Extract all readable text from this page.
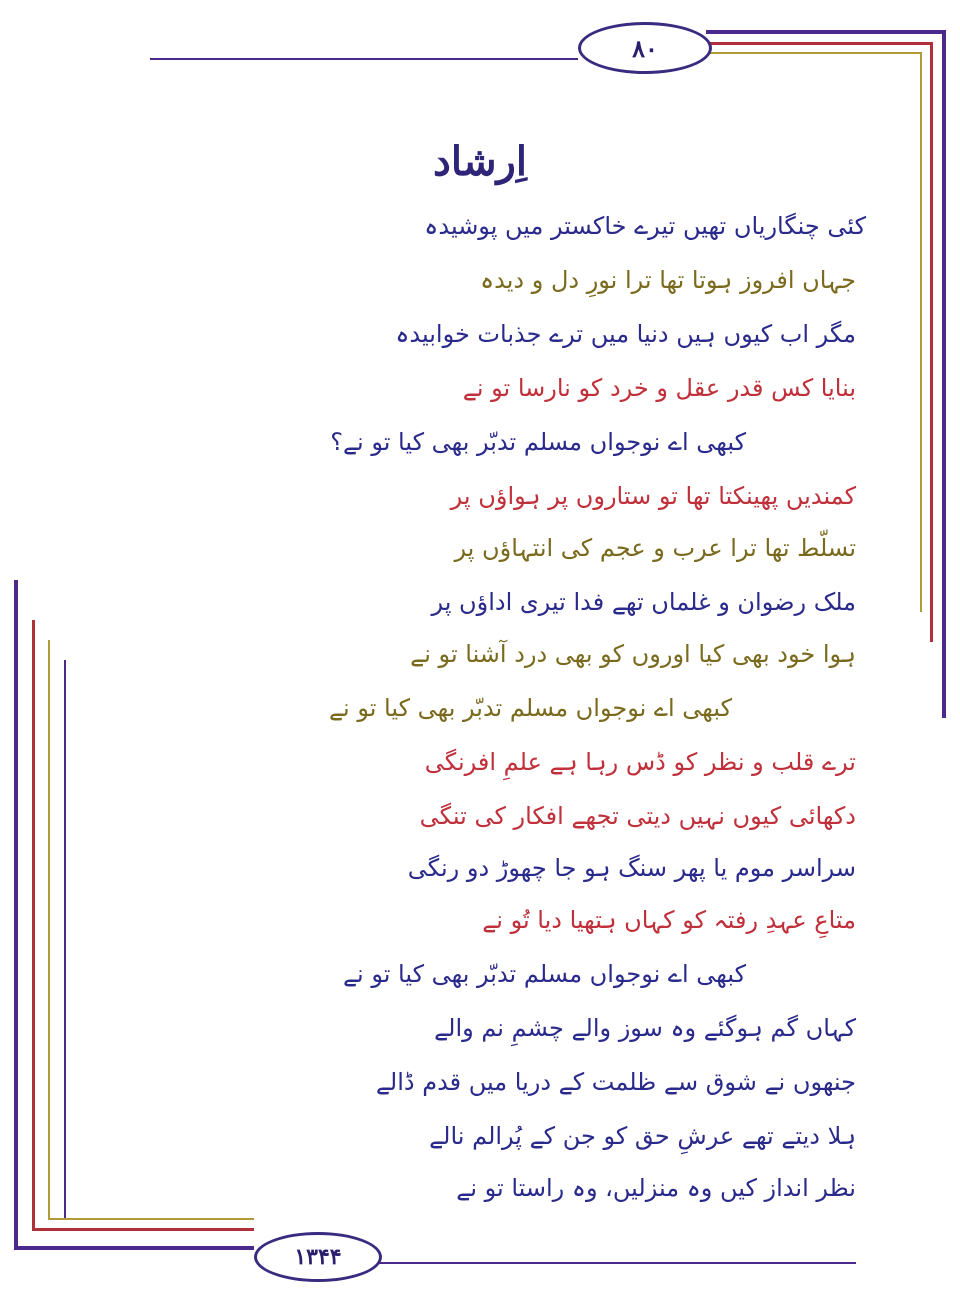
۸۰
۱۳۴۴
اِرشاد
کئی چنگاریاں تھیں تیرے خاکستر میں پوشیدہ
جہاں افروز ہوتا تھا ترا نورِ دل و دیدہ
مگر اب کیوں ہیں دنیا میں ترے جذبات خوابیدہ
بنایا کس قدر عقل و خرد کو نارسا تو نے
کبھی اے نوجواں مسلم تدبّر بھی کیا تو نے؟
کمندیں پھینکتا تھا تو ستاروں پر ہواؤں پر
تسلّط تھا ترا عرب و عجم کی انتہاؤں پر
ملک رضوان و غلماں تھے فدا تیری اداؤں پر
ہوا خود بھی کیا اوروں کو بھی درد آشنا تو نے
کبھی اے نوجواں مسلم تدبّر بھی کیا تو نے
ترے قلب و نظر کو ڈس رہا ہے علمِ افرنگی
دکھائی کیوں نہیں دیتی تجھے افکار کی تنگی
سراسر موم یا پھر سنگ ہو جا چھوڑ دو رنگی
متاعِ عہدِ رفتہ کو کہاں ہتھیا دیا تُو نے
کبھی اے نوجواں مسلم تدبّر بھی کیا تو نے
کہاں گم ہوگئے وہ سوز والے چشمِ نم والے
جنھوں نے شوق سے ظلمت کے دریا میں قدم ڈالے
ہلا دیتے تھے عرشِ حق کو جن کے پُرالم نالے
نظر انداز کیں وہ منزلیں، وہ راستا تو نے
